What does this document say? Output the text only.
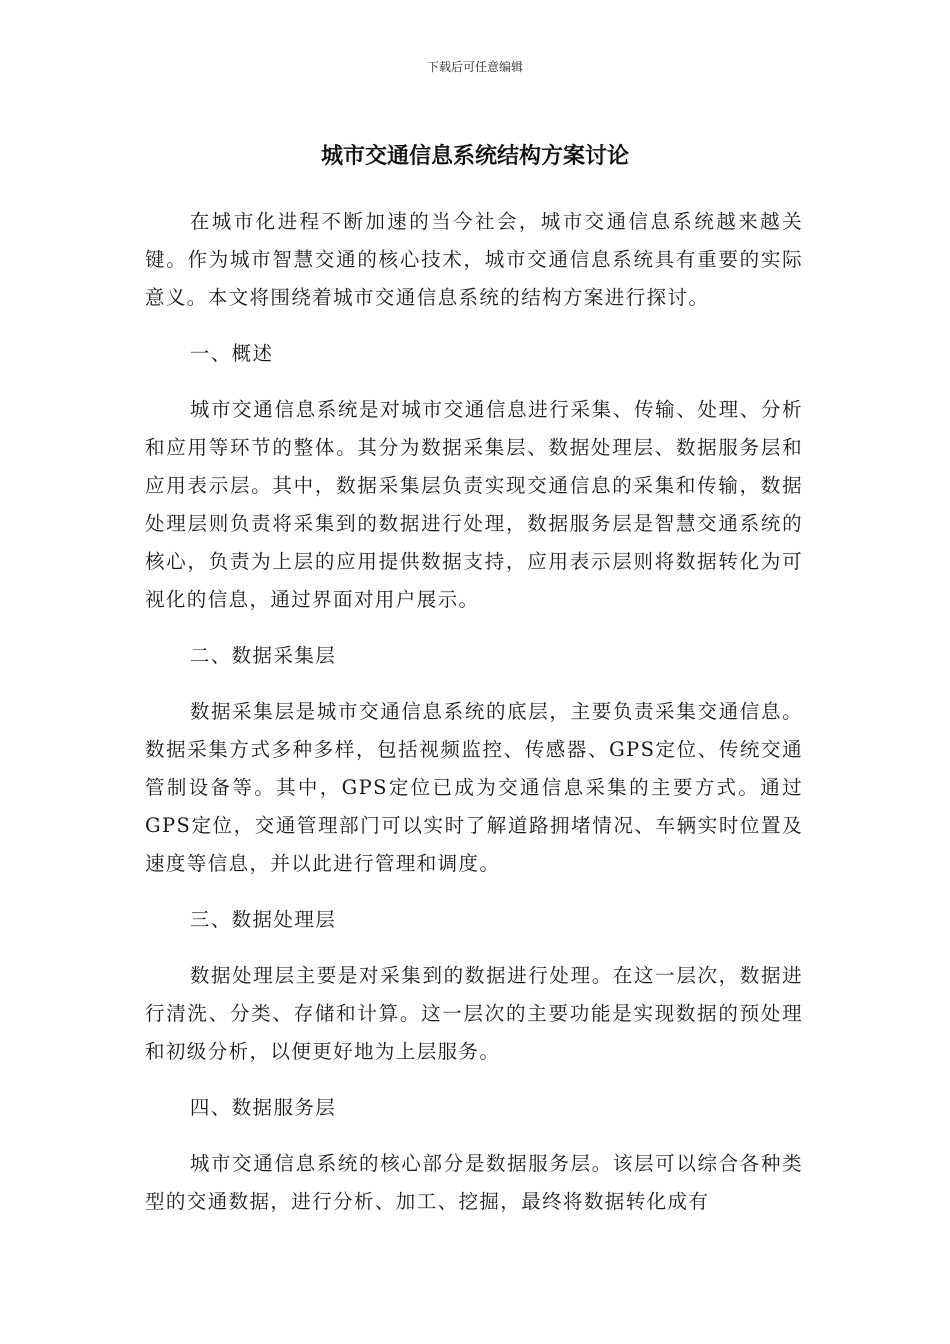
下载后可任意编辑
城市交通信息系统结构方案讨论

在城市化进程不断加速的当今社会，城市交通信息系统越来越关键。作为城市智慧交通的核心技术，城市交通信息系统具有重要的实际意义。本文将围绕着城市交通信息系统的结构方案进行探讨。

一、概述

城市交通信息系统是对城市交通信息进行采集、传输、处理、分析和应用等环节的整体。其分为数据采集层、数据处理层、数据服务层和应用表示层。其中，数据采集层负责实现交通信息的采集和传输，数据处理层则负责将采集到的数据进行处理，数据服务层是智慧交通系统的核心，负责为上层的应用提供数据支持，应用表示层则将数据转化为可视化的信息，通过界面对用户展示。

二、数据采集层

数据采集层是城市交通信息系统的底层，主要负责采集交通信息。数据采集方式多种多样，包括视频监控、传感器、GPS定位、传统交通管制设备等。其中，GPS定位已成为交通信息采集的主要方式。通过GPS定位，交通管理部门可以实时了解道路拥堵情况、车辆实时位置及速度等信息，并以此进行管理和调度。

三、数据处理层

数据处理层主要是对采集到的数据进行处理。在这一层次，数据进行清洗、分类、存储和计算。这一层次的主要功能是实现数据的预处理和初级分析，以便更好地为上层服务。

四、数据服务层

城市交通信息系统的核心部分是数据服务层。该层可以综合各种类型的交通数据，进行分析、加工、挖掘，最终将数据转化成有
